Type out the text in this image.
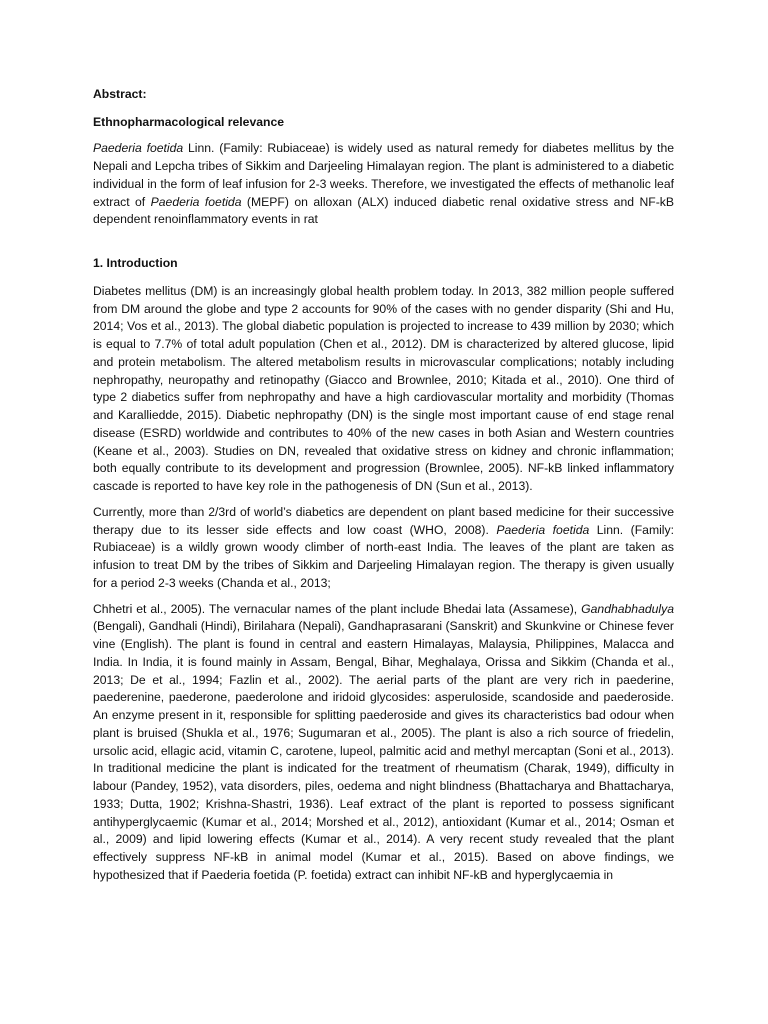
Abstract:
Ethnopharmacological relevance

Paederia foetida Linn. (Family: Rubiaceae) is widely used as natural remedy for diabetes mellitus by the Nepali and Lepcha tribes of Sikkim and Darjeeling Himalayan region. The plant is administered to a diabetic individual in the form of leaf infusion for 2-3 weeks. Therefore, we investigated the effects of methanolic leaf extract of Paederia foetida (MEPF) on alloxan (ALX) induced diabetic renal oxidative stress and NF-kB dependent renoinflammatory events in rat

1. Introduction

Diabetes mellitus (DM) is an increasingly global health problem today. In 2013, 382 million people suffered from DM around the globe and type 2 accounts for 90% of the cases with no gender disparity (Shi and Hu, 2014; Vos et al., 2013). The global diabetic population is projected to increase to 439 million by 2030; which is equal to 7.7% of total adult population (Chen et al., 2012). DM is characterized by altered glucose, lipid and protein metabolism. The altered metabolism results in microvascular complications; notably including nephropathy, neuropathy and retinopathy (Giacco and Brownlee, 2010; Kitada et al., 2010). One third of type 2 diabetics suffer from nephropathy and have a high cardiovascular mortality and morbidity (Thomas and Karalliedde, 2015). Diabetic nephropathy (DN) is the single most important cause of end stage renal disease (ESRD) worldwide and contributes to 40% of the new cases in both Asian and Western countries (Keane et al., 2003). Studies on DN, revealed that oxidative stress on kidney and chronic inflammation; both equally contribute to its development and progression (Brownlee, 2005). NF-kB linked inflammatory cascade is reported to have key role in the pathogenesis of DN (Sun et al., 2013).

Currently, more than 2/3rd of world’s diabetics are dependent on plant based medicine for their successive therapy due to its lesser side effects and low coast (WHO, 2008). Paederia foetida Linn. (Family: Rubiaceae) is a wildly grown woody climber of north-east India. The leaves of the plant are taken as infusion to treat DM by the tribes of Sikkim and Darjeeling Himalayan region. The therapy is given usually for a period 2-3 weeks (Chanda et al., 2013;

Chhetri et al., 2005). The vernacular names of the plant include Bhedai lata (Assamese), Gandhabhadulya (Bengali), Gandhali (Hindi), Birilahara (Nepali), Gandhaprasarani (Sanskrit) and Skunkvine or Chinese fever vine (English). The plant is found in central and eastern Himalayas, Malaysia, Philippines, Malacca and India. In India, it is found mainly in Assam, Bengal, Bihar, Meghalaya, Orissa and Sikkim (Chanda et al., 2013; De et al., 1994; Fazlin et al., 2002). The aerial parts of the plant are very rich in paederine, paederenine, paederone, paederolone and iridoid glycosides: asperuloside, scandoside and paederoside. An enzyme present in it, responsible for splitting paederoside and gives its characteristics bad odour when plant is bruised (Shukla et al., 1976; Sugumaran et al., 2005). The plant is also a rich source of friedelin, ursolic acid, ellagic acid, vitamin C, carotene, lupeol, palmitic acid and methyl mercaptan (Soni et al., 2013). In traditional medicine the plant is indicated for the treatment of rheumatism (Charak, 1949), difficulty in labour (Pandey, 1952), vata disorders, piles, oedema and night blindness (Bhattacharya and Bhattacharya, 1933; Dutta, 1902; Krishna-Shastri, 1936). Leaf extract of the plant is reported to possess significant antihyperglycaemic (Kumar et al., 2014; Morshed et al., 2012), antioxidant (Kumar et al., 2014; Osman et al., 2009) and lipid lowering effects (Kumar et al., 2014). A very recent study revealed that the plant effectively suppress NF-kB in animal model (Kumar et al., 2015). Based on above findings, we hypothesized that if Paederia foetida (P. foetida) extract can inhibit NF-kB and hyperglycaemia in
